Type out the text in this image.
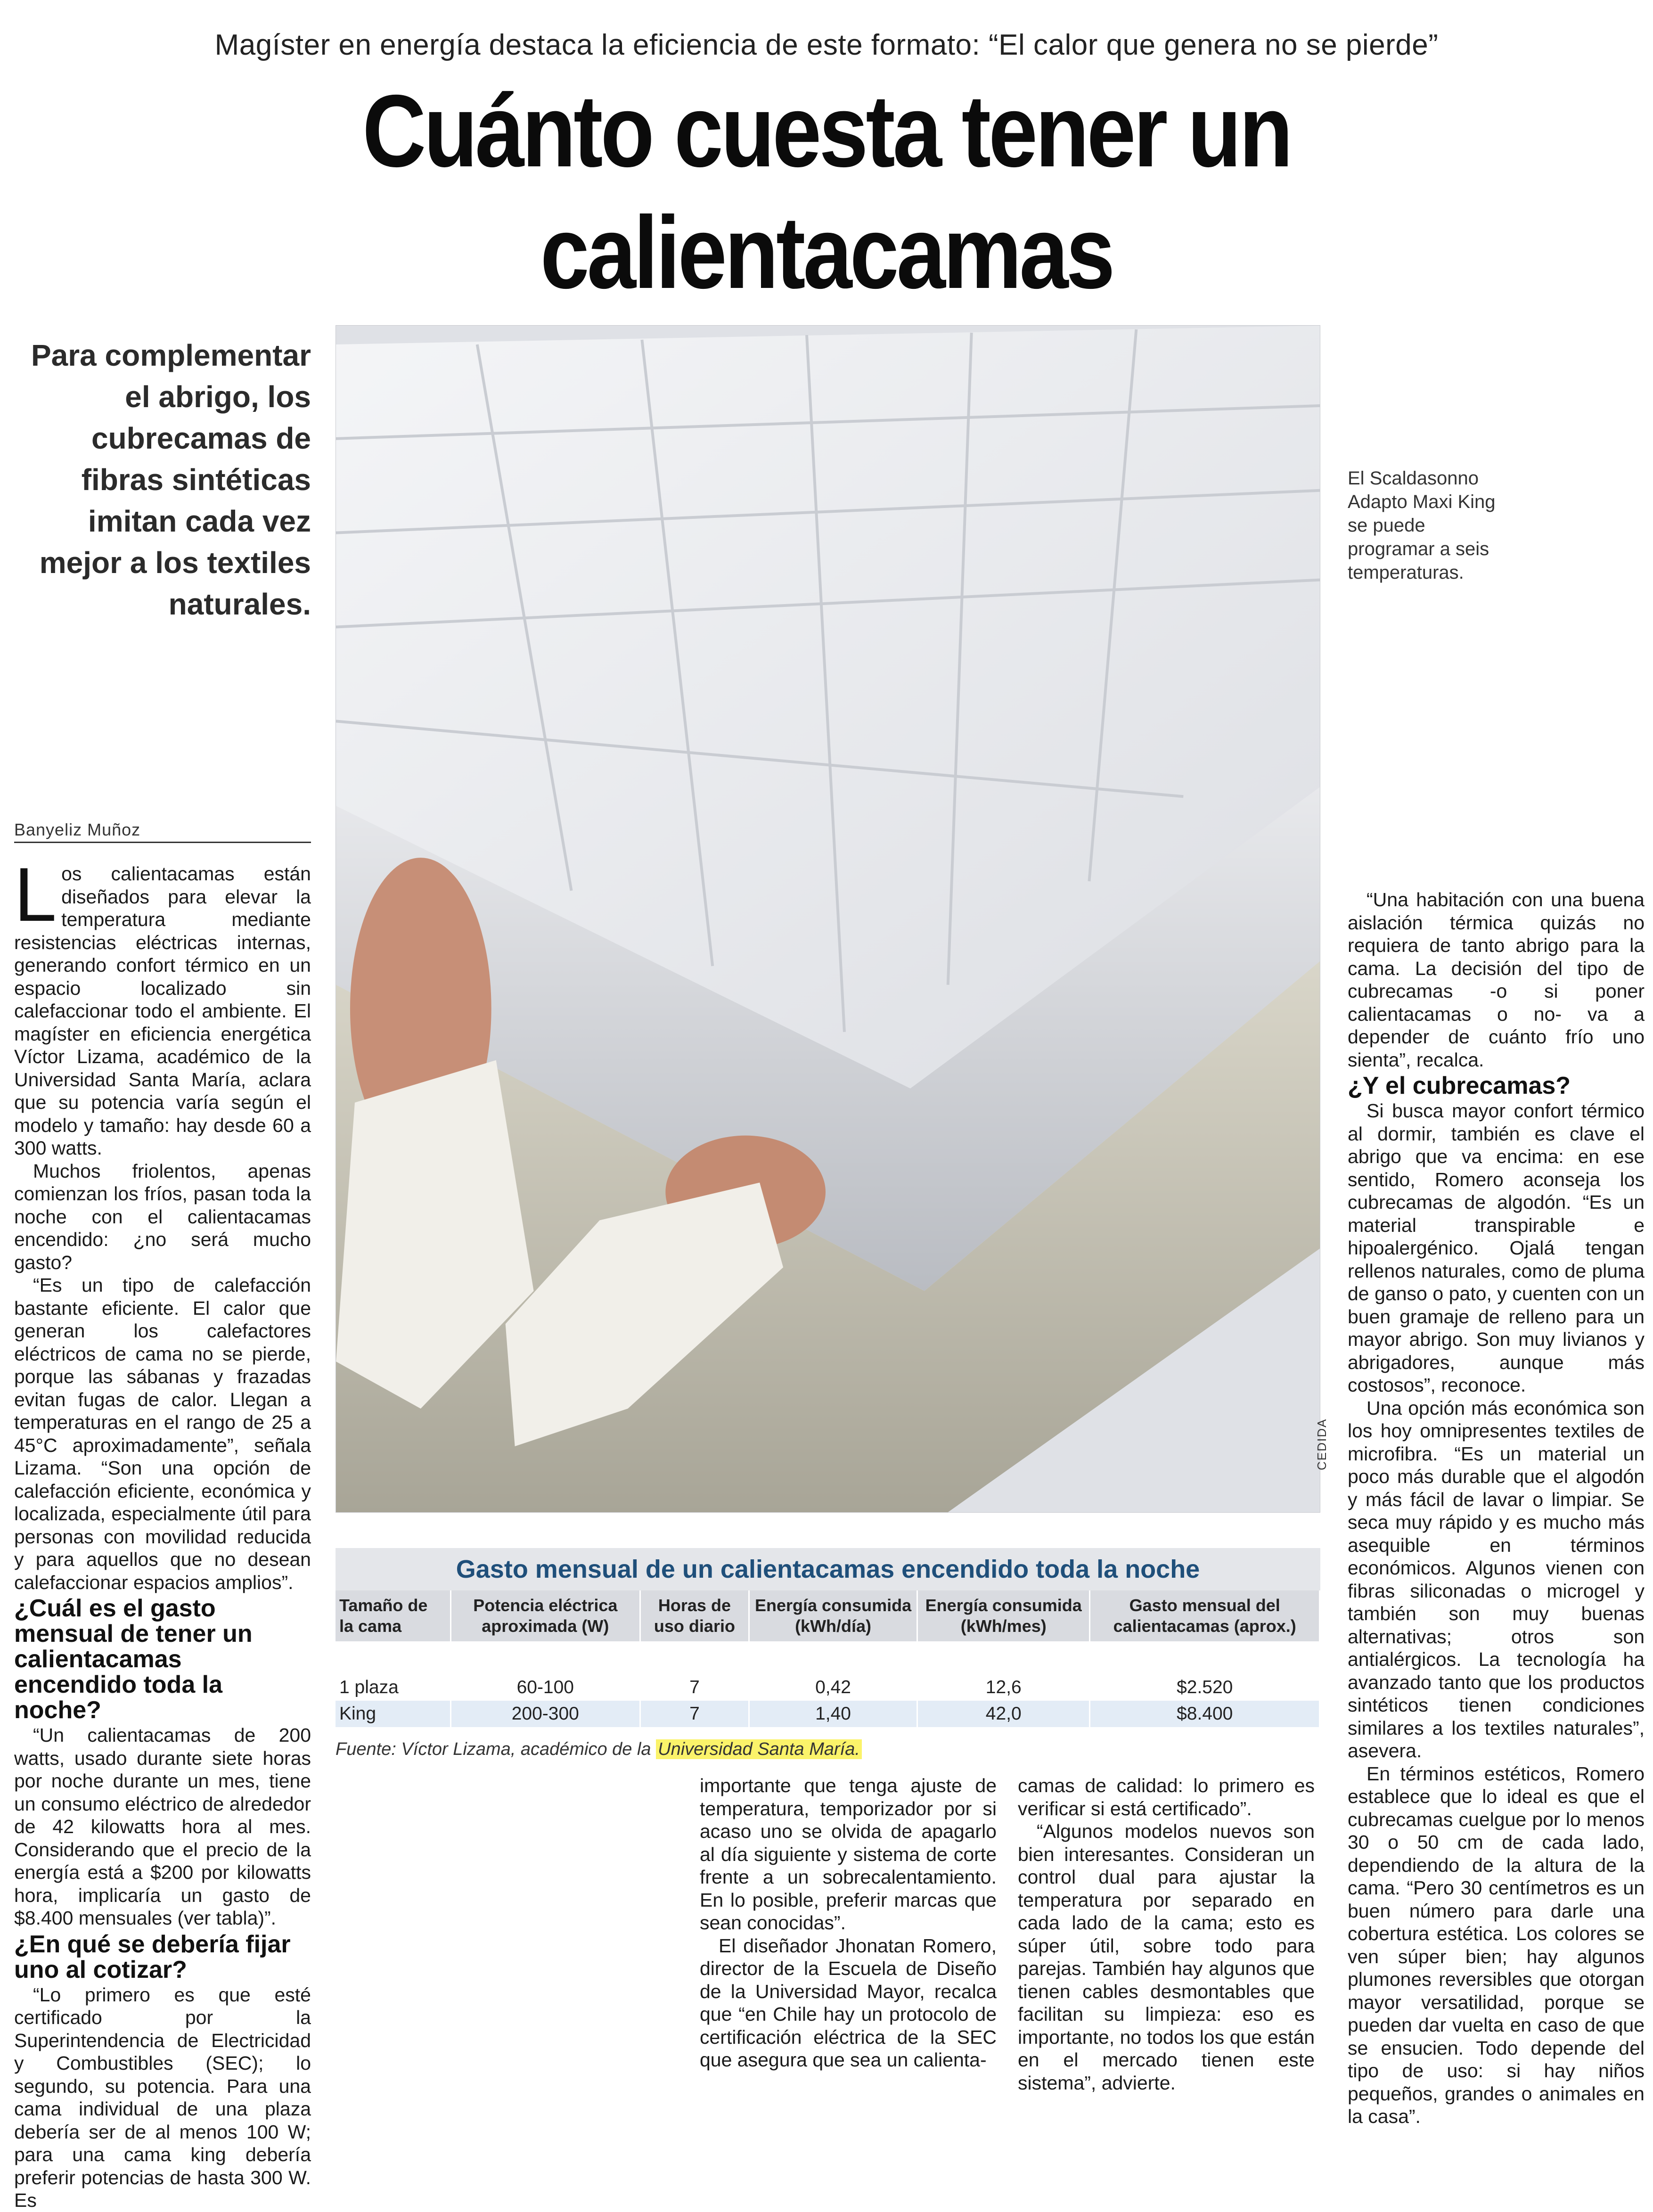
Magíster en energía destaca la eficiencia de este formato: “El calor que genera no se pierde”
Cuánto cuesta tener un calientacamas

Para complementar el abrigo, los cubrecamas de fibras sintéticas imitan cada vez mejor a los textiles naturales.
CEDIDA
El Scaldasonno Adapto Maxi King se puede programar a seis temperaturas.
Banyeliz Muñoz

Los calientacamas están diseñados para elevar la temperatura mediante resistencias eléctricas internas, generando confort térmico en un espacio localizado sin calefaccionar todo el ambiente. El magíster en eficiencia energética Víctor Lizama, académico de la Universidad Santa María, aclara que su potencia varía según el modelo y tamaño: hay desde 60 a 300 watts.

Muchos friolentos, apenas comienzan los fríos, pasan toda la noche con el calientacamas encendido: ¿no será mucho gasto?

“Es un tipo de calefacción bastante eficiente. El calor que generan los calefactores eléctricos de cama no se pierde, porque las sábanas y frazadas evitan fugas de calor. Llegan a temperaturas en el rango de 25 a 45°C aproximadamente”, señala Lizama. “Son una opción de calefacción eficiente, económica y localizada, especialmente útil para personas con movilidad reducida y para aquellos que no desean calefaccionar espacios amplios”.

¿Cuál es el gasto mensual de tener un calientacamas encendido toda la noche?

“Un calientacamas de 200 watts, usado durante siete horas por noche durante un mes, tiene un consumo eléctrico de alrededor de 42 kilowatts hora al mes. Considerando que el precio de la energía está a $200 por kilowatts hora, implicaría un gasto de $8.400 mensuales (ver tabla)”.

¿En qué se debería fijar uno al cotizar?

“Lo primero es que esté certificado por la Superintendencia de Electricidad y Combustibles (SEC); lo segundo, su potencia. Para una cama individual de una plaza debería ser de al menos 100 W; para una cama king debería preferir potencias de hasta 300 W. Es

Gasto mensual de un calientacamas encendido toda la noche
Tamaño de la cama	Potencia eléctrica aproximada (W)	Horas de uso diario	Energía consumida (kWh/día)	Energía consumida (kWh/mes)	Gasto mensual del calientacamas (aprox.)

1 plaza	60-100	7	0,42	12,6	$2.520
King	200-300	7	1,40	42,0	$8.400
Fuente: Víctor Lizama, académico de la Universidad Santa María.

importante que tenga ajuste de temperatura, temporizador por si acaso uno se olvida de apagarlo al día siguiente y sistema de corte frente a un sobrecalentamiento. En lo posible, preferir marcas que sean conocidas”.

El diseñador Jhonatan Romero, director de la Escuela de Diseño de la Universidad Mayor, recalca que “en Chile hay un protocolo de certificación eléctrica de la SEC que asegura que sea un calienta-

camas de calidad: lo primero es verificar si está certificado”.

“Algunos modelos nuevos son bien interesantes. Consideran un control dual para ajustar la temperatura por separado en cada lado de la cama; esto es súper útil, sobre todo para parejas. También hay algunos que tienen cables desmontables que facilitan su limpieza: eso es importante, no todos los que están en el mercado tienen este sistema”, advierte.

“Una habitación con una buena aislación térmica quizás no requiera de tanto abrigo para la cama. La decisión del tipo de cubrecamas -o si poner calientacamas o no- va a depender de cuánto frío uno sienta”, recalca.

¿Y el cubrecamas?

Si busca mayor confort térmico al dormir, también es clave el abrigo que va encima: en ese sentido, Romero aconseja los cubrecamas de algodón. “Es un material transpirable e hipoalergénico. Ojalá tengan rellenos naturales, como de pluma de ganso o pato, y cuenten con un buen gramaje de relleno para un mayor abrigo. Son muy livianos y abrigadores, aunque más costosos”, reconoce.

Una opción más económica son los hoy omnipresentes textiles de microfibra. “Es un material un poco más durable que el algodón y más fácil de lavar o limpiar. Se seca muy rápido y es mucho más asequible en términos económicos. Algunos vienen con fibras siliconadas o microgel y también son muy buenas alternativas; otros son antialérgicos. La tecnología ha avanzado tanto que los productos sintéticos tienen condiciones similares a los textiles naturales”, asevera.

En términos estéticos, Romero establece que lo ideal es que el cubrecamas cuelgue por lo menos 30 o 50 cm de cada lado, dependiendo de la altura de la cama. “Pero 30 centímetros es un buen número para darle una cobertura estética. Los colores se ven súper bien; hay algunos plumones reversibles que otorgan mayor versatilidad, porque se pueden dar vuelta en caso de que se ensucien. Todo depende del tipo de uso: si hay niños pequeños, grandes o animales en la casa”.
